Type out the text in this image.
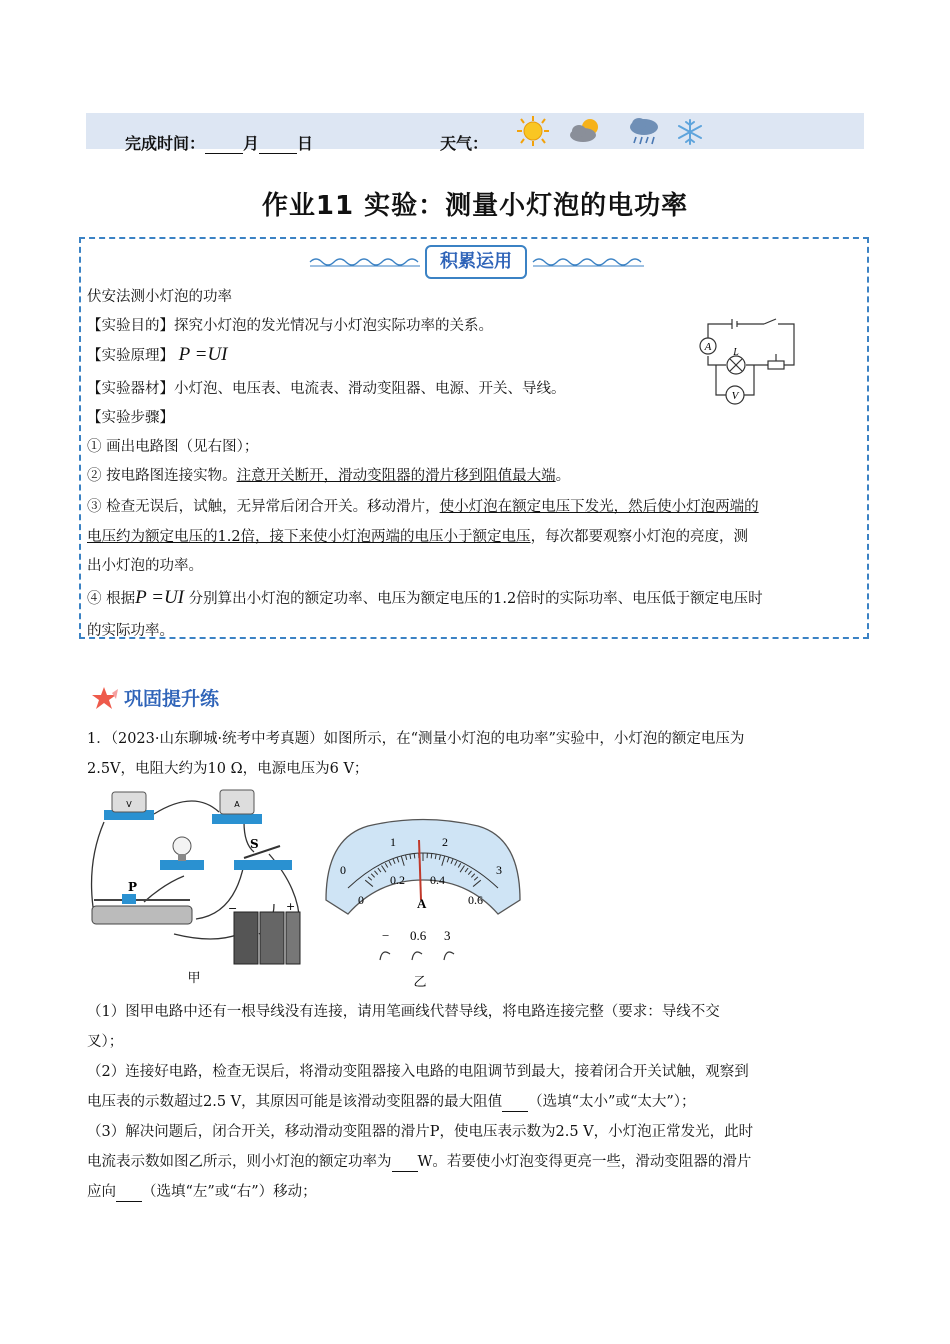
完成时间： 月 日	天气：
作业11 实验：测量小灯泡的电功率
积累运用
伏安法测小灯泡的功率
【实验目的】探究小灯泡的发光情况与小灯泡实际功率的关系。
【实验原理】 P =UI
【实验器材】小灯泡、电压表、电流表、滑动变阻器、电源、开关、导线。
【实验步骤】
① 画出电路图（见右图）；
② 按电路图连接实物。注意开关断开，滑动变阻器的滑片移到阻值最大端。
③ 检查无误后，试触，无异常后闭合开关。移动滑片，使小灯泡在额定电压下发光，然后使小灯泡两端的
电压约为额定电压的1.2倍，接下来使小灯泡两端的电压小于额定电压，每次都要观察小灯泡的亮度，测
出小灯泡的功率。
④ 根据P =UI 分别算出小灯泡的额定功率、电压为额定电压的1.2倍时的实际功率、电压低于额定电压时
的实际功率。
A
V
L
巩固提升练
1．（2023·山东聊城·统考中考真题）如图所示，在“测量小灯泡的电功率”实验中，小灯泡的额定电压为
2.5V，电阻大约为10 Ω，电源电压为6 V；
V	A
S
P
−	+
甲
0
1	2
3
0
0.2 0.4
0.6
A
− 0.6 3
乙
（1）图甲电路中还有一根导线没有连接，请用笔画线代替导线，将电路连接完整（要求：导线不交
叉）；
（2）连接好电路，检查无误后，将滑动变阻器接入电路的电阻调节到最大，接着闭合开关试触，观察到
电压表的示数超过2.5 V，其原因可能是该滑动变阻器的最大阻值 （选填“太小”或“太大”）；
（3）解决问题后，闭合开关，移动滑动变阻器的滑片P，使电压表示数为2.5 V，小灯泡正常发光，此时
电流表示数如图乙所示，则小灯泡的额定功率为 W。若要使小灯泡变得更亮一些，滑动变阻器的滑片
应向 （选填“左”或“右”）移动；
